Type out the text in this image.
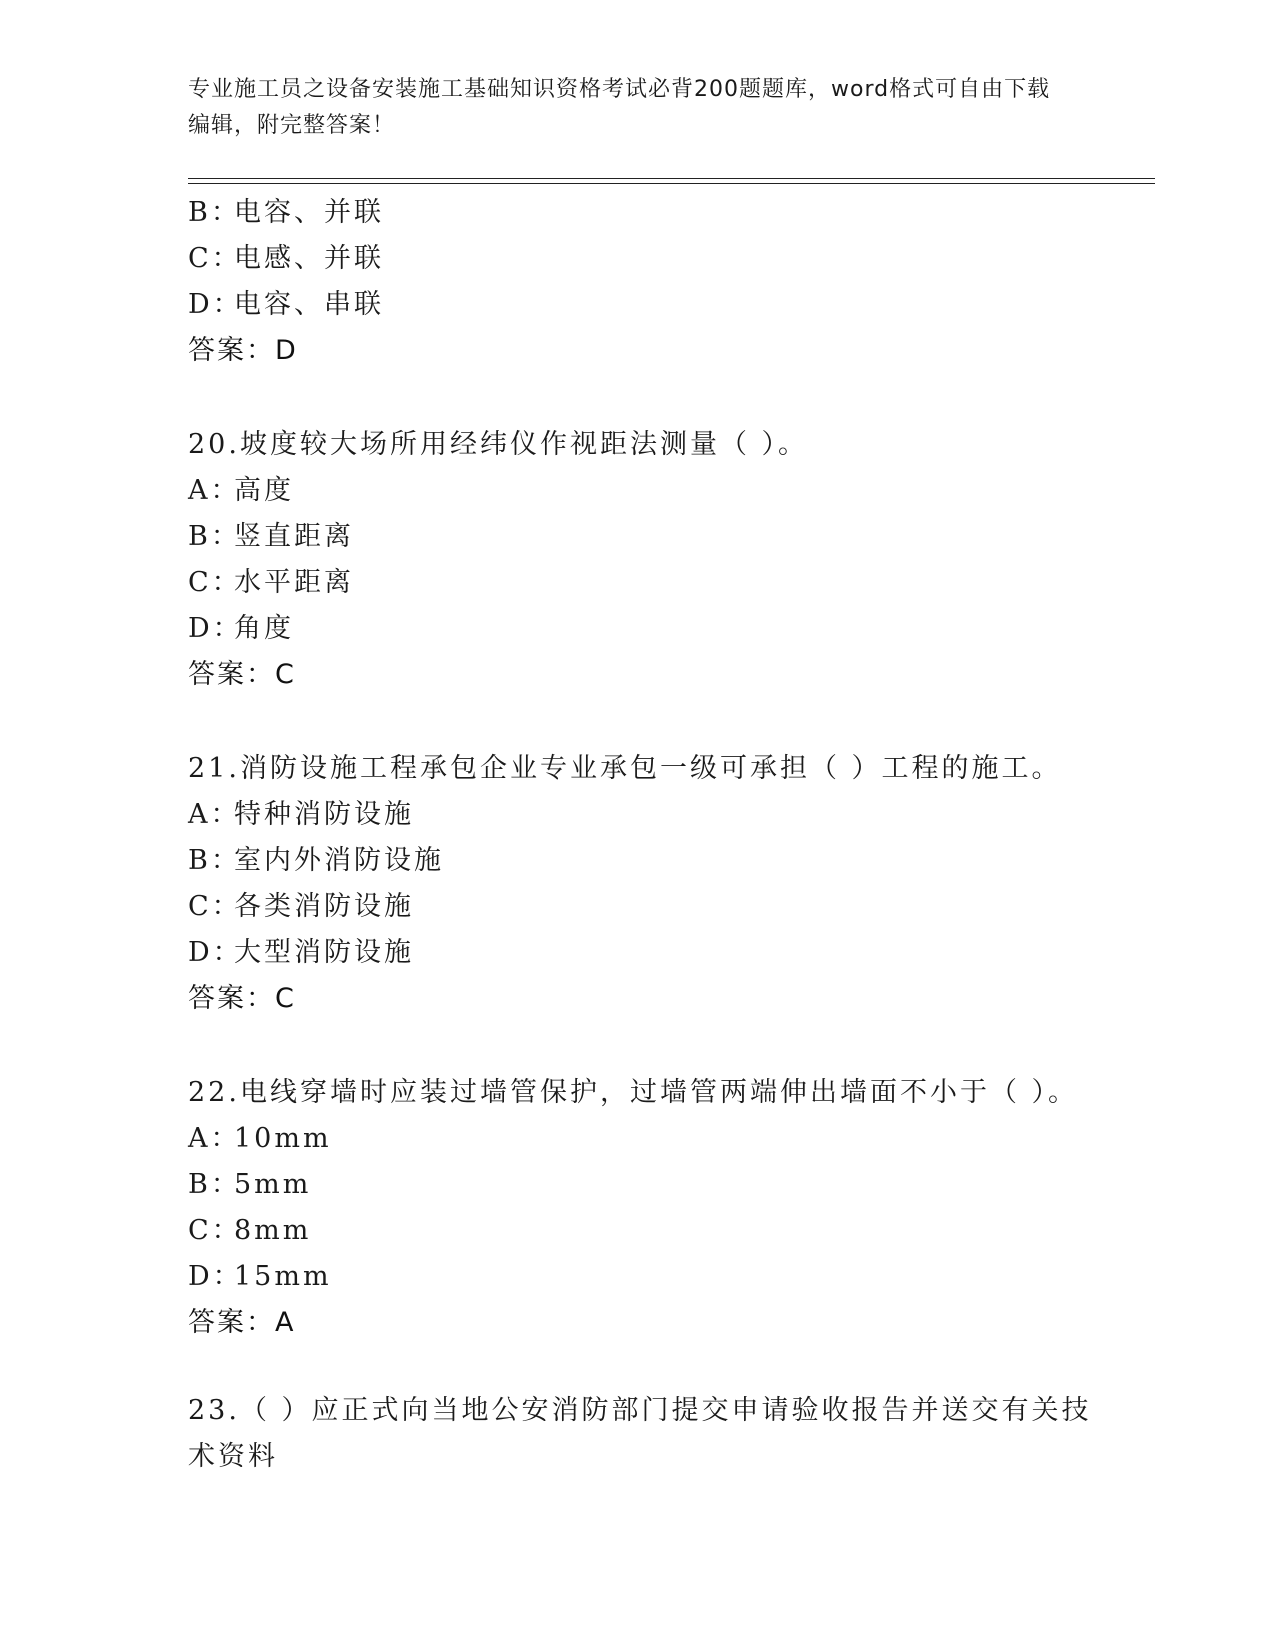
专业施工员之设备安装施工基础知识资格考试必背200题题库，word格式可自由下载编辑，附完整答案！
B：电容、并联
C：电感、并联
D：电容、串联
答案：D
20.坡度较大场所用经纬仪作视距法测量（ ）。
A：高度
B：竖直距离
C：水平距离
D：角度
答案：C
21.消防设施工程承包企业专业承包一级可承担（ ）工程的施工。
A：特种消防设施
B：室内外消防设施
C：各类消防设施
D：大型消防设施
答案：C
22.电线穿墙时应装过墙管保护，过墙管两端伸出墙面不小于（ ）。
A：10mm
B：5mm
C：8mm
D：15mm
答案：A
23.（ ）应正式向当地公安消防部门提交申请验收报告并送交有关技
术资料
